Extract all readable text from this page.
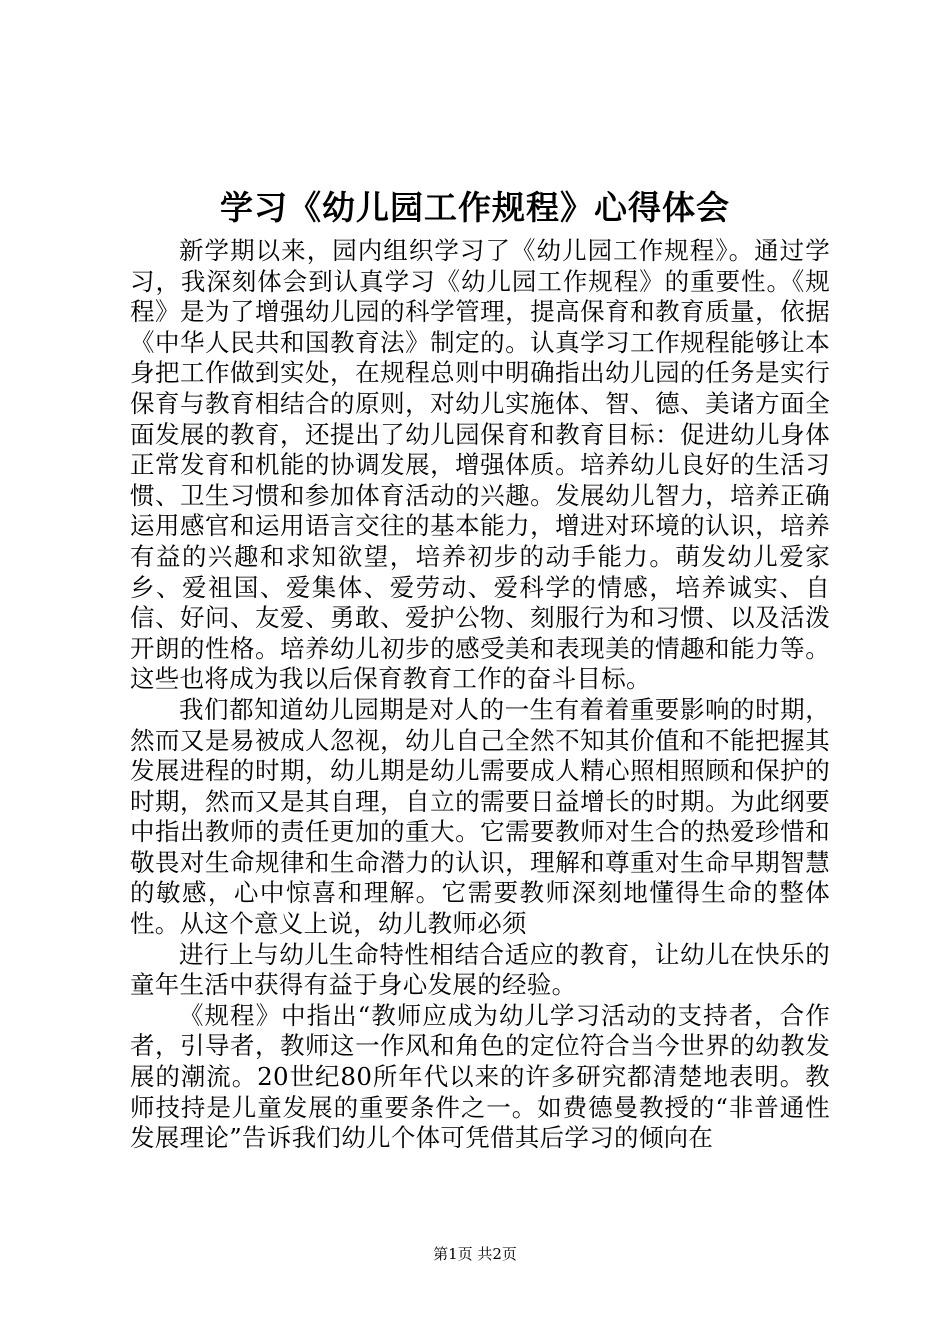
学习《幼儿园工作规程》心得体会

新学期以来，园内组织学习了《幼儿园工作规程》。通过学习，我深刻体会到认真学习《幼儿园工作规程》的重要性。《规程》是为了增强幼儿园的科学管理，提高保育和教育质量，依据《中华人民共和国教育法》制定的。认真学习工作规程能够让本身把工作做到实处，在规程总则中明确指出幼儿园的任务是实行保育与教育相结合的原则，对幼儿实施体、智、德、美诸方面全面发展的教育，还提出了幼儿园保育和教育目标：促进幼儿身体正常发育和机能的协调发展，增强体质。培养幼儿良好的生活习惯、卫生习惯和参加体育活动的兴趣。发展幼儿智力，培养正确运用感官和运用语言交往的基本能力，增进对环境的认识，培养有益的兴趣和求知欲望，培养初步的动手能力。萌发幼儿爱家乡、爱祖国、爱集体、爱劳动、爱科学的情感，培养诚实、自信、好问、友爱、勇敢、爱护公物、刻服行为和习惯、以及活泼开朗的性格。培养幼儿初步的感受美和表现美的情趣和能力等。这些也将成为我以后保育教育工作的奋斗目标。

我们都知道幼儿园期是对人的一生有着着重要影响的时期，然而又是易被成人忽视，幼儿自己全然不知其价值和不能把握其发展进程的时期，幼儿期是幼儿需要成人精心照相照顾和保护的时期，然而又是其自理，自立的需要日益增长的时期。为此纲要中指出教师的责任更加的重大。它需要教师对生合的热爱珍惜和敬畏对生命规律和生命潜力的认识，理解和尊重对生命早期智慧的敏感，心中惊喜和理解。它需要教师深刻地懂得生命的整体性。从这个意义上说，幼儿教师必须

进行上与幼儿生命特性相结合适应的教育，让幼儿在快乐的童年生活中获得有益于身心发展的经验。

《规程》中指出“教师应成为幼儿学习活动的支持者，合作者，引导者，教师这一作风和角色的定位符合当今世界的幼教发展的潮流。20世纪80所年代以来的许多研究都清楚地表明。教师技持是儿童发展的重要条件之一。如费德曼教授的“非普通性发展理论”告诉我们幼儿个体可凭借其后学习的倾向在

第1页 共2页
